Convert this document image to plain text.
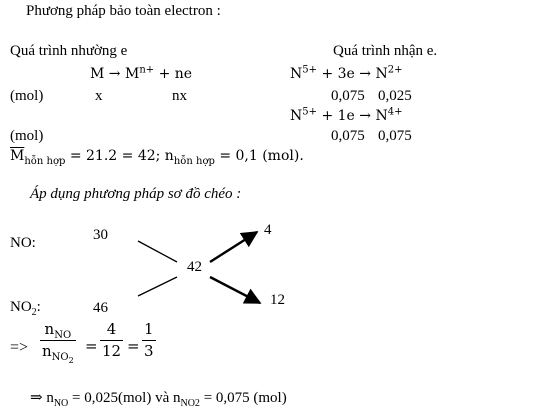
Phương pháp bảo toàn electron :
Quá trình nhường e
$M \to M^{n+}$ + ne
(mol)	x	nx
Quá trình nhận e.
$N^{5+} + 3e \to N^{2+}$
0,075 0,025
$N^{5+} + 1e \to N^{4+}$
(mol)	0,075 0,075
$\overline{M}_{hỗn hợp} = 21.2 = 42$; $n_{hỗn hợp} = 0,1$ (mol).
Áp dụng phương pháp sơ đồ chéo :
NO:	30
$NO_2$:	46
42
4
12
=>
$n_{NO}$
$n_{NO_2}$
= $\frac{4}{12} = \frac{1}{3}$
⇒ $n_{NO} = 0,025(mol)$ và $n_{NO2} = 0,075$ (mol)
